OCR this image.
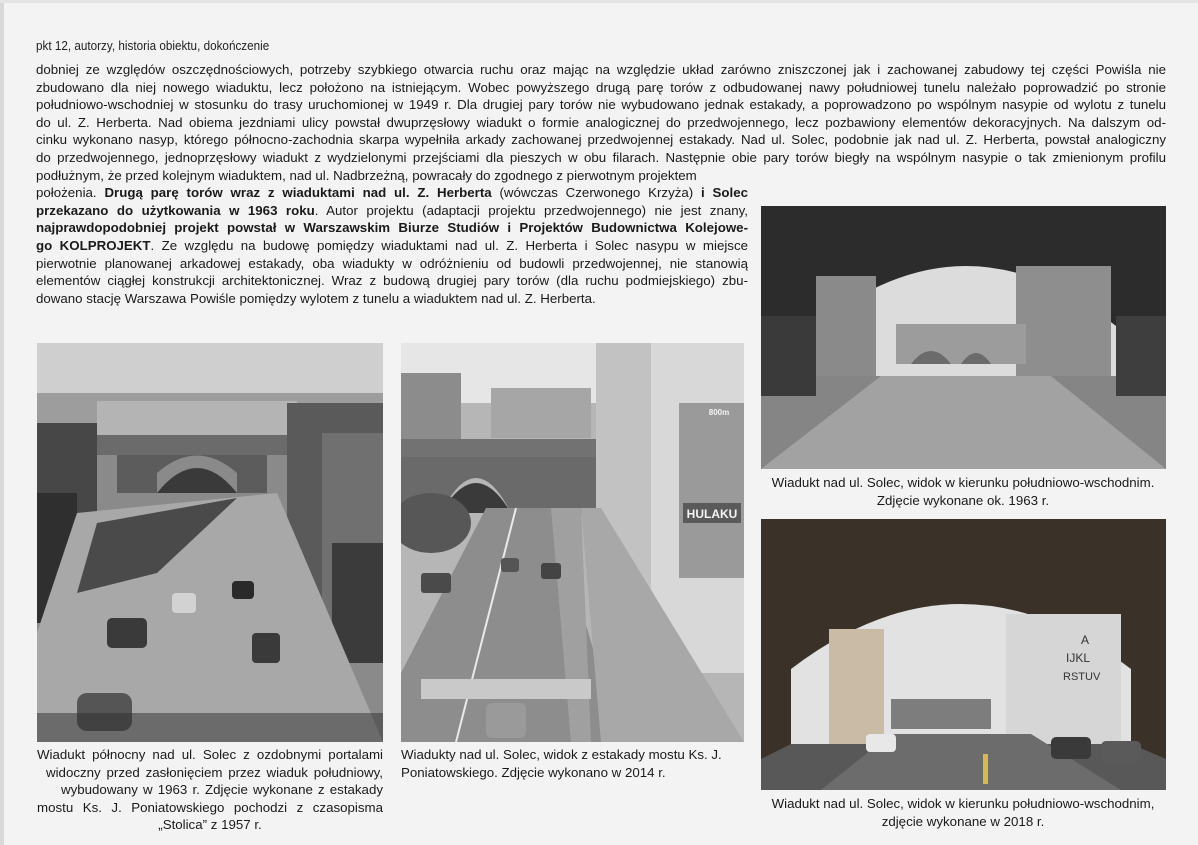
pkt 12, autorzy, historia obiektu, dokończenie
dobniej ze względów oszczędnościowych, potrzeby szybkiego otwarcia ruchu oraz mając na względzie układ zarówno zniszczonej jak i zachowanej zabudowy tej części Powiśla nie
zbudowano dla niej nowego wiaduktu, lecz położono na istniejącym. Wobec powyższego drugą parę torów z odbudowanej nawy południowej tunelu należało poprowadzić po stronie
południowo-wschodniej w stosunku do trasy uruchomionej w 1949 r. Dla drugiej pary torów nie wybudowano jednak estakady, a poprowadzono po wspólnym nasypie od wylotu z tunelu
do ul. Z. Herberta. Nad obiema jezdniami ulicy powstał dwuprzęsłowy wiadukt o formie analogicznej do przedwojennego, lecz pozbawiony elementów dekoracyjnych. Na dalszym od-
cinku wykonano nasyp, którego północno-zachodnia skarpa wypełniła arkady zachowanej przedwojennej estakady. Nad ul. Solec, podobnie jak nad ul. Z. Herberta, powstał analogiczny
do przedwojennego, jednoprzęsłowy wiadukt z wydzielonymi przejściami dla pieszych w obu filarach. Następnie obie pary torów biegły na wspólnym nasypie o tak zmienionym profilu
podłużnym, że przed kolejnym wiaduktem, nad ul. Nadbrzeżną, powracały do zgodnego z pierwotnym projektem
położenia. Drugą parę torów wraz z wiaduktami nad ul. Z. Herberta (wówczas Czerwonego Krzyża) i Solec
przekazano do użytkowania w 1963 roku. Autor projektu (adaptacji projektu przedwojennego) nie jest znany,
najprawdopodobniej projekt powstał w Warszawskim Biurze Studiów i Projektów Budownictwa Kolejowe-
go KOLPROJEKT. Ze względu na budowę pomiędzy wiaduktami nad ul. Z. Herberta i Solec nasypu w miejsce
pierwotnie planowanej arkadowej estakady, oba wiadukty w odróżnieniu od budowli przedwojennej, nie stanowią
elementów ciągłej konstrukcji architektonicznej. Wraz z budową drugiej pary torów (dla ruchu podmiejskiego) zbu-
dowano stację Warszawa Powiśle pomiędzy wylotem z tunelu a wiaduktem nad ul. Z. Herberta.
HULAKU
800m
A
IJKL
RSTUV
Wiadukt północny nad ul. Solec z ozdobnymi portalami
widoczny przed zasłonięciem przez wiaduk południowy,
wybudowany w 1963 r. Zdjęcie wykonane z estakady
mostu Ks. J. Poniatowskiego pochodzi z czasopisma
„Stolica” z 1957 r.
Wiadukty nad ul. Solec, widok z estakady mostu Ks. J.
Poniatowskiego. Zdjęcie wykonano w 2014 r.
Wiadukt nad ul. Solec, widok w kierunku południowo-wschodnim.
Zdjęcie wykonane ok. 1963 r.
Wiadukt nad ul. Solec, widok w kierunku południowo-wschodnim,
zdjęcie wykonane w 2018 r.
